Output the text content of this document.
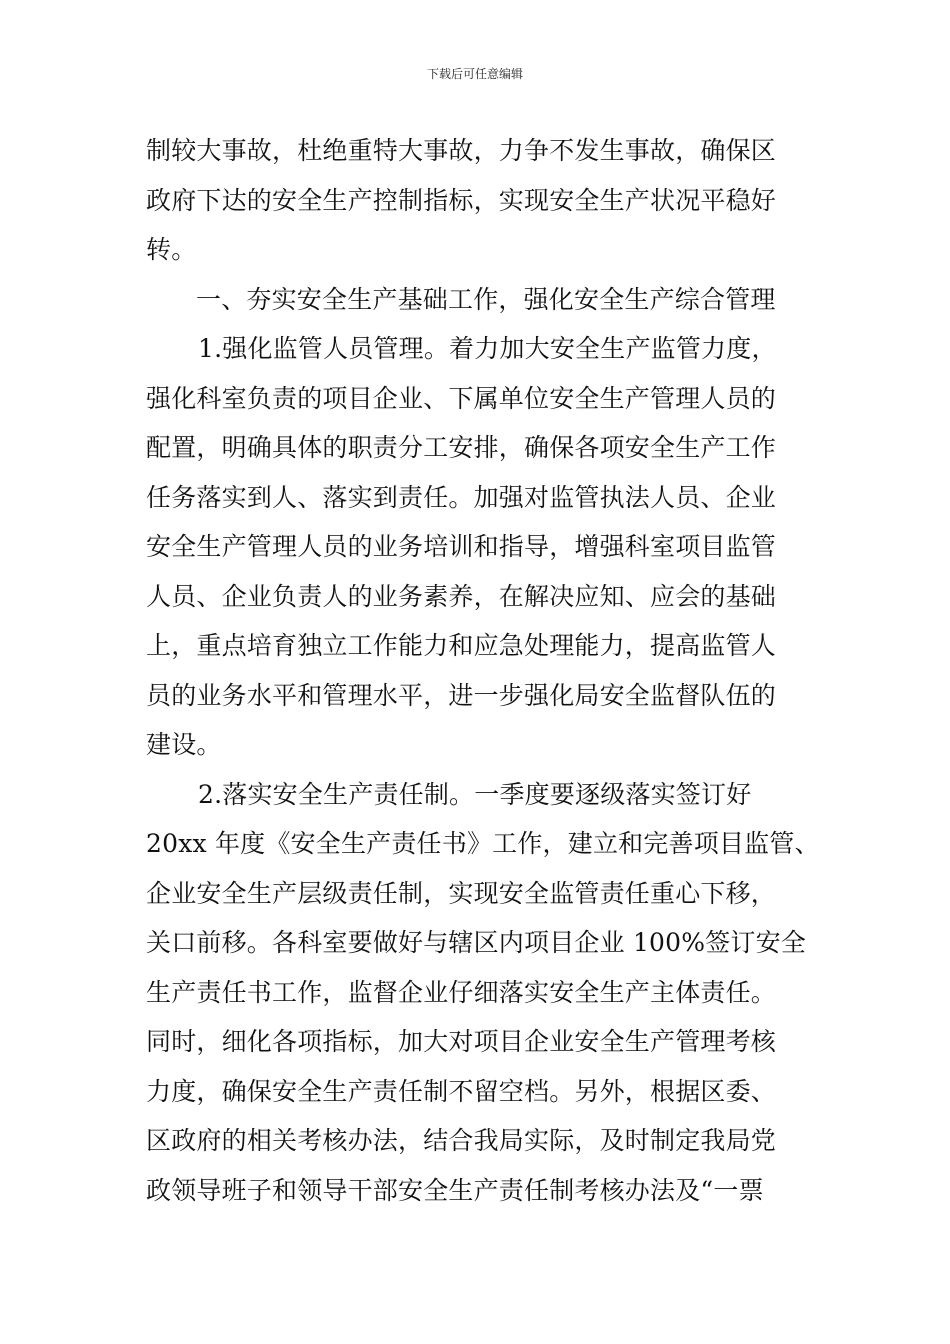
下载后可任意编辑
制较大事故，杜绝重特大事故，力争不发生事故，确保区
政府下达的安全生产控制指标，实现安全生产状况平稳好
转。
一、夯实安全生产基础工作，强化安全生产综合管理
1.强化监管人员管理。着力加大安全生产监管力度，
强化科室负责的项目企业、下属单位安全生产管理人员的
配置，明确具体的职责分工安排，确保各项安全生产工作
任务落实到人、落实到责任。加强对监管执法人员、企业
安全生产管理人员的业务培训和指导，增强科室项目监管
人员、企业负责人的业务素养，在解决应知、应会的基础
上，重点培育独立工作能力和应急处理能力，提高监管人
员的业务水平和管理水平，进一步强化局安全监督队伍的
建设。
2.落实安全生产责任制。一季度要逐级落实签订好
20xx 年度《安全生产责任书》工作，建立和完善项目监管、
企业安全生产层级责任制，实现安全监管责任重心下移，
关口前移。各科室要做好与辖区内项目企业 100%签订安全
生产责任书工作，监督企业仔细落实安全生产主体责任。
同时，细化各项指标，加大对项目企业安全生产管理考核
力度，确保安全生产责任制不留空档。另外，根据区委、
区政府的相关考核办法，结合我局实际，及时制定我局党
政领导班子和领导干部安全生产责任制考核办法及“一票
